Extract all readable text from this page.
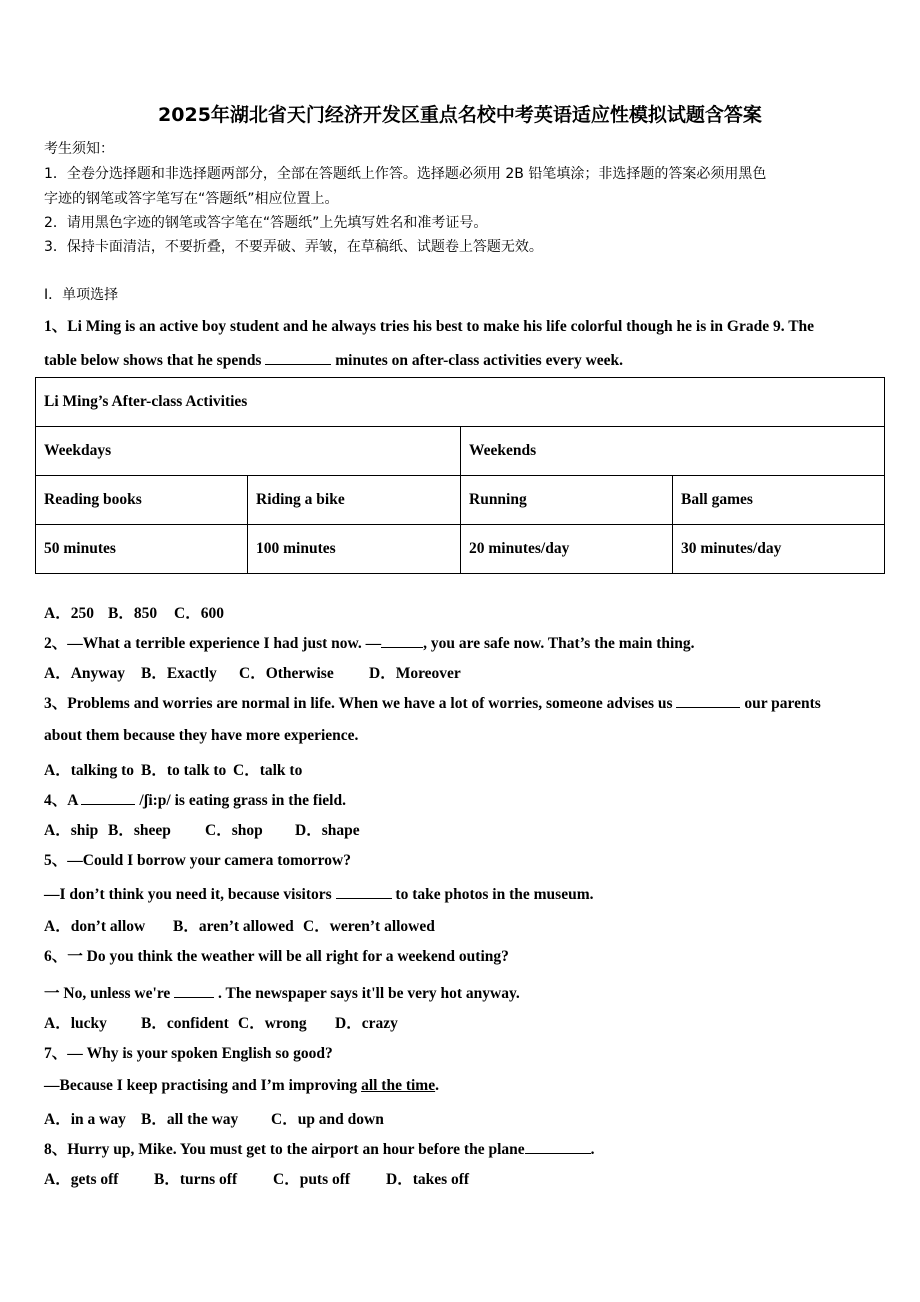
2025年湖北省天门经济开发区重点名校中考英语适应性模拟试题含答案
考生须知：
1．全卷分选择题和非选择题两部分，全部在答题纸上作答。选择题必须用 2B 铅笔填涂；非选择题的答案必须用黑色
字迹的钢笔或答字笔写在“答题纸”相应位置上。
2．请用黑色字迹的钢笔或答字笔在“答题纸”上先填写姓名和准考证号。
3．保持卡面清洁，不要折叠，不要弄破、弄皱，在草稿纸、试题卷上答题无效。
Ⅰ．单项选择
1、Li Ming is an active boy student and he always tries his best to make his life colorful though he is in Grade 9. The
table below shows that he spends	minutes on after-class activities every week.
Li Ming’s After-class Activities			
Weekdays		Weekends	
Reading books	Riding a bike	Running	Ball games
50 minutes	100 minutes	20 minutes/day	30 minutes/day
A．250 B．850 C．600
2、—What a terrible experience I had just now. —	, you are safe now. That’s the main thing.
A．Anyway B．Exactly C．Otherwise D．Moreover
3、Problems and worries are normal in life. When we have a lot of worries, someone advises us	our parents
about them because they have more experience.
A．talking to B．to talk to C．talk to
4、A	/ʃi:p/ is eating grass in the field.
A．ship B．sheep C．shop D．shape
5、—Could I borrow your camera tomorrow?
—I don’t think you need it, because visitors	to take photos in the museum.
A．don’t allow B．aren’t allowed C．weren’t allowed
6、一 Do you think the weather will be all right for a weekend outing?
一 No, unless we're	. The newspaper says it'll be very hot anyway.
A．lucky B．confident C．wrong D．crazy
7、— Why is your spoken English so good?
—Because I keep practising and I’m improving all the time.
A．in a way B．all the way C．up and down
8、Hurry up, Mike. You must get to the airport an hour before the plane	.
A．gets off B．turns off C．puts off D．takes off
